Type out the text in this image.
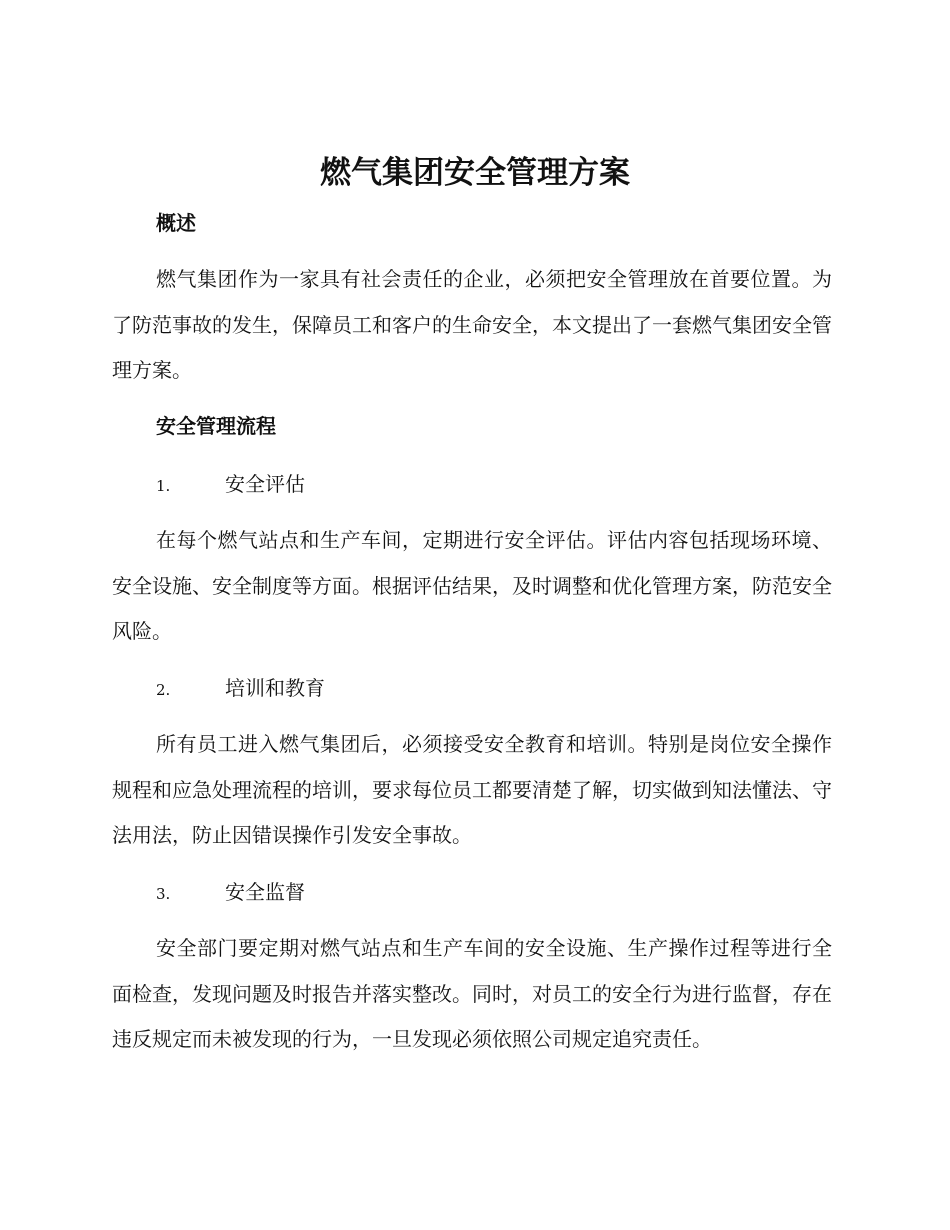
燃气集团安全管理方案
概述

燃气集团作为一家具有社会责任的企业，必须把安全管理放在首要位置。为了防范事故的发生，保障员工和客户的生命安全，本文提出了一套燃气集团安全管理方案。

安全管理流程
1.	安全评估

在每个燃气站点和生产车间，定期进行安全评估。评估内容包括现场环境、安全设施、安全制度等方面。根据评估结果，及时调整和优化管理方案，防范安全风险。

2.	培训和教育

所有员工进入燃气集团后，必须接受安全教育和培训。特别是岗位安全操作规程和应急处理流程的培训，要求每位员工都要清楚了解，切实做到知法懂法、守法用法，防止因错误操作引发安全事故。

3.	安全监督

安全部门要定期对燃气站点和生产车间的安全设施、生产操作过程等进行全面检查，发现问题及时报告并落实整改。同时，对员工的安全行为进行监督，存在违反规定而未被发现的行为，一旦发现必须依照公司规定追究责任。
